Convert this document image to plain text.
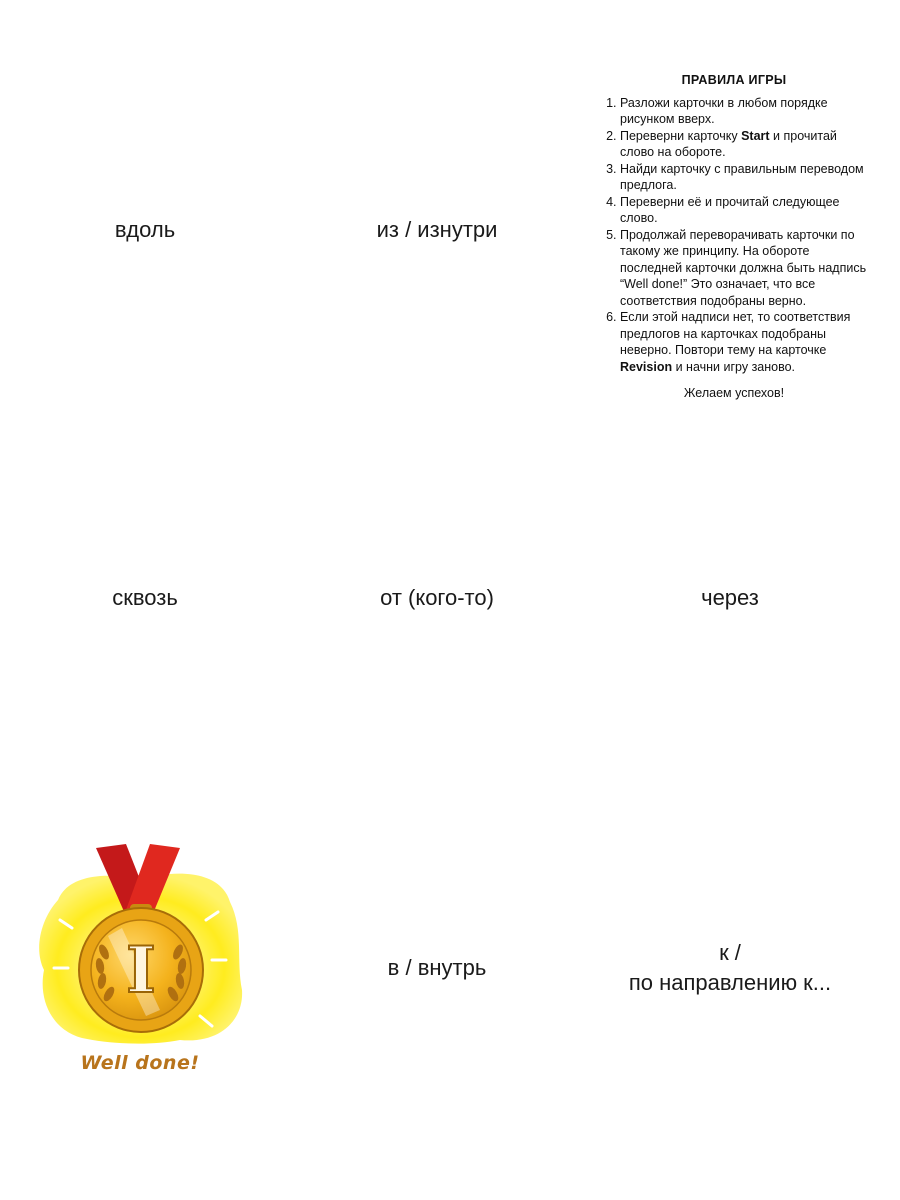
вдоль	из / изнутри
ПРАВИЛА ИГРЫ
1. Разложи карточки в любом порядке рисунком вверх.
2. Переверни карточку Start и прочитай слово на обороте.
3. Найди карточку с правильным переводом предлога.
4. Переверни её и прочитай следующее слово.
5. Продолжай переворачивать карточки по такому же принципу. На обороте последней карточки должна быть надпись “Well done!” Это означает, что все соответствия подобраны верно.
6. Если этой надписи нет, то соответствия предлогов на карточках подобраны неверно. Повтори тему на карточке Revision и начни игру заново.
Желаем успехов!
сквозь	от (кого-то)	через
I
Well done!
в / внутрь
к /
по направлению к...
